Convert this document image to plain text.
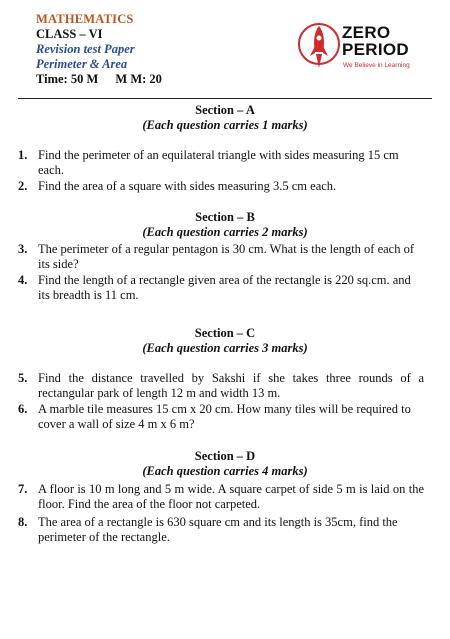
MATHEMATICS
CLASS – VI
Revision test Paper
Perimeter & Area
Time: 50 M M M: 20
ZERO
PERIOD
We Believe in Learning
Section – A
(Each question carries 1 marks)
1. Find the perimeter of an equilateral triangle with sides measuring 15 cm each.
2. Find the area of a square with sides measuring 3.5 cm each.
Section – B
(Each question carries 2 marks)
3. The perimeter of a regular pentagon is 30 cm. What is the length of each of its side?
4. Find the length of a rectangle given area of the rectangle is 220 sq.cm. and its breadth is 11 cm.
Section – C
(Each question carries 3 marks)
5. Find the distance travelled by Sakshi if she takes three rounds of a rectangular park of length 12 m and width 13 m.
6. A marble tile measures 15 cm x 20 cm. How many tiles will be required to cover a wall of size 4 m x 6 m?
Section – D
(Each question carries 4 marks)
7. A floor is 10 m long and 5 m wide. A square carpet of side 5 m is laid on the floor. Find the area of the floor not carpeted.
8. The area of a rectangle is 630 square cm and its length is 35cm, find the perimeter of the rectangle.
